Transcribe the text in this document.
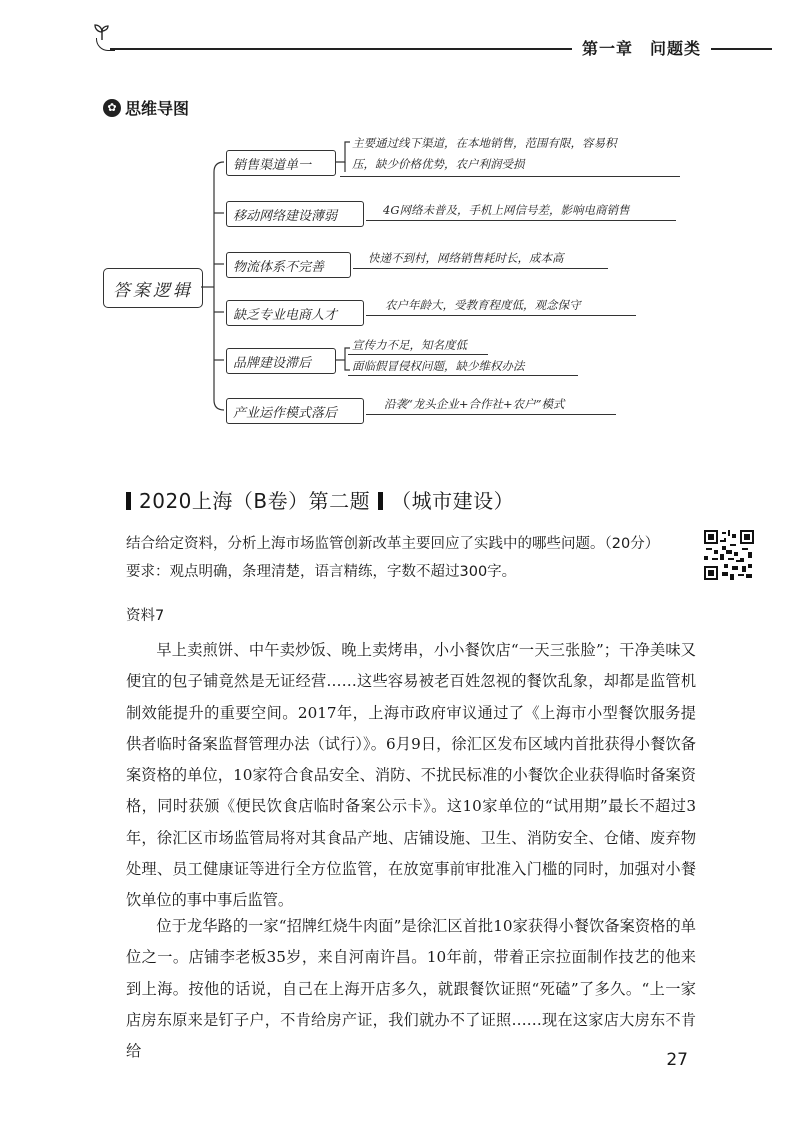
第一章　问题类
✿ 思维导图
答案逻辑
销售渠道单一
移动网络建设薄弱
物流体系不完善
缺乏专业电商人才
品牌建设滞后
产业运作模式落后
主要通过线下渠道，在本地销售，范围有限，容易积
压，缺少价格优势，农户利润受损
4G网络未普及，手机上网信号差，影响电商销售
快递不到村，网络销售耗时长，成本高
农户年龄大，受教育程度低，观念保守
宣传力不足，知名度低
面临假冒侵权问题，缺少维权办法
沿袭“龙头企业+合作社+农户”模式
2020上海（B卷）第二题 （城市建设）
结合给定资料，分析上海市场监管创新改革主要回应了实践中的哪些问题。（20分）
要求：观点明确，条理清楚，语言精练，字数不超过300字。
资料7
早上卖煎饼、中午卖炒饭、晚上卖烤串，小小餐饮店“一天三张脸”；干净美味又便宜的包子铺竟然是无证经营……这些容易被老百姓忽视的餐饮乱象，却都是监管机制效能提升的重要空间。2017年，上海市政府审议通过了《上海市小型餐饮服务提供者临时备案监督管理办法（试行）》。6月9日，徐汇区发布区域内首批获得小餐饮备案资格的单位，10家符合食品安全、消防、不扰民标准的小餐饮企业获得临时备案资格，同时获颁《便民饮食店临时备案公示卡》。这10家单位的“试用期”最长不超过3年，徐汇区市场监管局将对其食品产地、店铺设施、卫生、消防安全、仓储、废弃物处理、员工健康证等进行全方位监管，在放宽事前审批准入门槛的同时，加强对小餐饮单位的事中事后监管。
位于龙华路的一家“招牌红烧牛肉面”是徐汇区首批10家获得小餐饮备案资格的单位之一。店铺李老板35岁，来自河南许昌。10年前，带着正宗拉面制作技艺的他来到上海。按他的话说，自己在上海开店多久，就跟餐饮证照“死磕”了多久。“上一家店房东原来是钉子户，不肯给房产证，我们就办不了证照……现在这家店大房东不肯给	27
